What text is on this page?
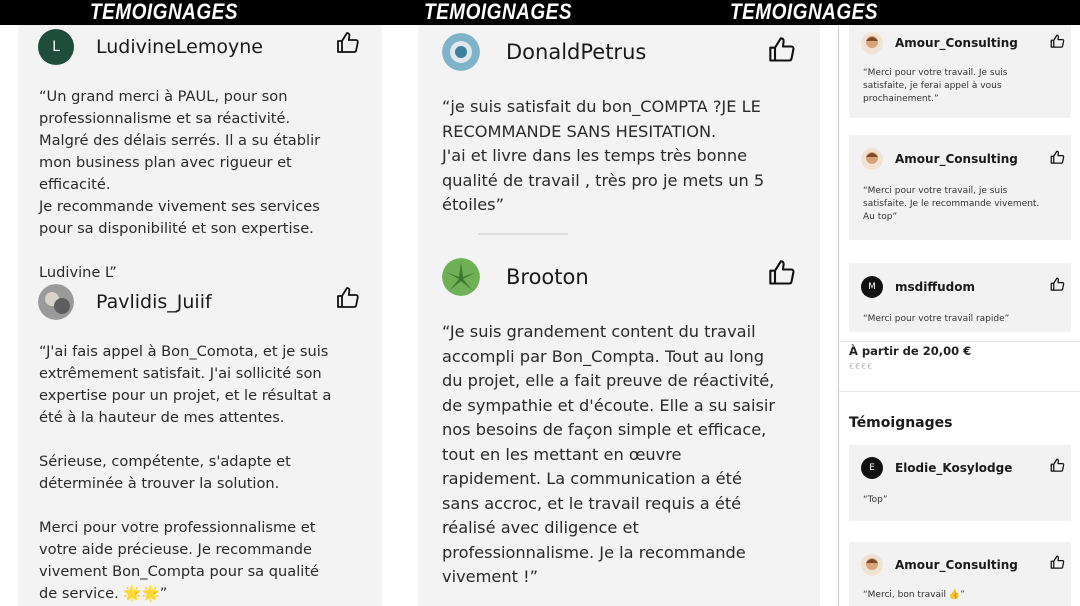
TEMOIGNAGES	TEMOIGNAGES	TEMOIGNAGES
L LudivineLemoyne
“Un grand merci à PAUL, pour son
professionnalisme et sa réactivité.
Malgré des délais serrés. Il a su établir
mon business plan avec rigueur et
efficacité.
Je recommande vivement ses services
pour sa disponibilité et son expertise.

Ludivine L”
Pavlidis_Juiif
“J'ai fais appel à Bon_Comota, et je suis
extrêmement satisfait. J'ai sollicité son
expertise pour un projet, et le résultat a
été à la hauteur de mes attentes.

Sérieuse, compétente, s'adapte et
déterminée à trouver la solution.

Merci pour votre professionnalisme et
votre aide précieuse. Je recommande
vivement Bon_Compta pour sa qualité
de service. 🌟🌟”
DonaldPetrus
“je suis satisfait du bon_COMPTA ?JE LE
RECOMMANDE SANS HESITATION.
J'ai et livre dans les temps très bonne
qualité de travail , très pro je mets un 5
étoiles”
Brooton
“Je suis grandement content du travail
accompli par Bon_Compta. Tout au long
du projet, elle a fait preuve de réactivité,
de sympathie et d'écoute. Elle a su saisir
nos besoins de façon simple et efficace,
tout en les mettant en œuvre
rapidement. La communication a été
sans accroc, et le travail requis a été
réalisé avec diligence et
professionnalisme. Je la recommande
vivement !”
Amour_Consulting
“Merci pour votre travail. Je suis
satisfaite, je ferai appel à vous
prochainement.”
Amour_Consulting
“Merci pour votre travail, je suis
satisfaite. Je le recommande vivement.
Au top”
M msdiffudom
“Merci pour votre travail rapide”
À partir de 20,00 €
€€€€
Témoignages
E Elodie_Kosylodge
“Top”
Amour_Consulting
“Merci, bon travail 👍”
